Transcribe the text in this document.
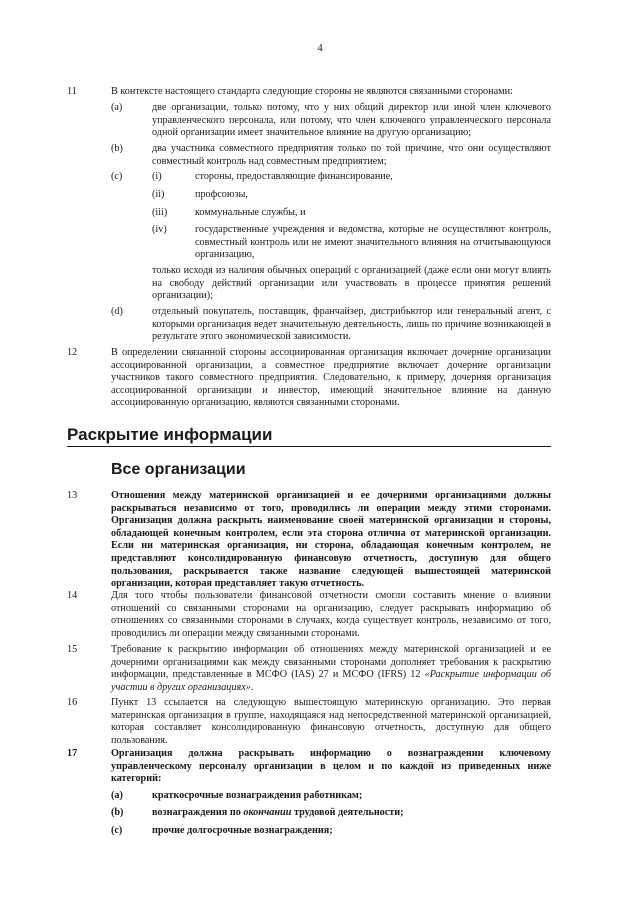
4
11	В контексте настоящего стандарта следующие стороны не являются связанными сторонами:
(a)	две организации, только потому, что у них общий директор или иной член ключевого управленческого персонала, или потому, что член ключевого управленческого персонала одной организации имеет значительное влияние на другую организацию;
(b)	два участника совместного предприятия только по той причине, что они осуществляют совместный контроль над совместным предприятием;
(c)	(i)	стороны, предоставляющие финансирование,
(ii)	профсоюзы,
(iii)	коммунальные службы, и
(iv)	государственные учреждения и ведомства, которые не осуществляют контроль, совместный контроль или не имеют значительного влияния на отчитывающуюся организацию,
только исходя из наличия обычных операций с организацией (даже если они могут влиять на свободу действий организации или участвовать в процессе принятия решений организации);
(d)	отдельный покупатель, поставщик, франчайзер, дистрибьютор или генеральный агент, с которыми организация ведет значительную деятельность, лишь по причине возникающей в результате этого экономической зависимости.
12	В определении связанной стороны ассоциированная организация включает дочерние организации ассоциированной организации, а совместное предприятие включает дочерние организации участников такого совместного предприятия. Следовательно, к примеру, дочерняя организация ассоциированной организации и инвестор, имеющий значительное влияние на данную ассоциированную организацию, являются связанными сторонами.
Раскрытие информации
Все организации
13	Отношения между материнской организацией и ее дочерними организациями должны раскрываться независимо от того, проводились ли операции между этими сторонами. Организация должна раскрыть наименование своей материнской организации и стороны, обладающей конечным контролем, если эта сторона отлична от материнской организации. Если ни материнская организация, ни сторона, обладающая конечным контролем, не представляют консолидированную финансовую отчетность, доступную для общего пользования, раскрывается также название следующей вышестоящей материнской организации, которая представляет такую отчетность.
14	Для того чтобы пользователи финансовой отчетности смогли составить мнение о влиянии отношений со связанными сторонами на организацию, следует раскрывать информацию об отношениях со связанными сторонами в случаях, когда существует контроль, независимо от того, проводились ли операции между связанными сторонами.
15	Требование к раскрытию информации об отношениях между материнской организацией и ее дочерними организациями как между связанными сторонами дополняет требования к раскрытию информации, представленные в МСФО (IAS) 27 и МСФО (IFRS) 12 «Раскрытие информации об участии в других организациях».
16	Пункт 13 ссылается на следующую вышестоящую материнскую организацию. Это первая материнская организация в группе, находящаяся над непосредственной материнской организацией, которая составляет консолидированную финансовую отчетность, доступную для общего пользования.
17	Организация должна раскрывать информацию о вознаграждении ключевому управленческому персоналу организации в целом и по каждой из приведенных ниже категорий:
(a)	краткосрочные вознаграждения работникам;
(b)	вознаграждения по окончании трудовой деятельности;
(c)	прочие долгосрочные вознаграждения;
